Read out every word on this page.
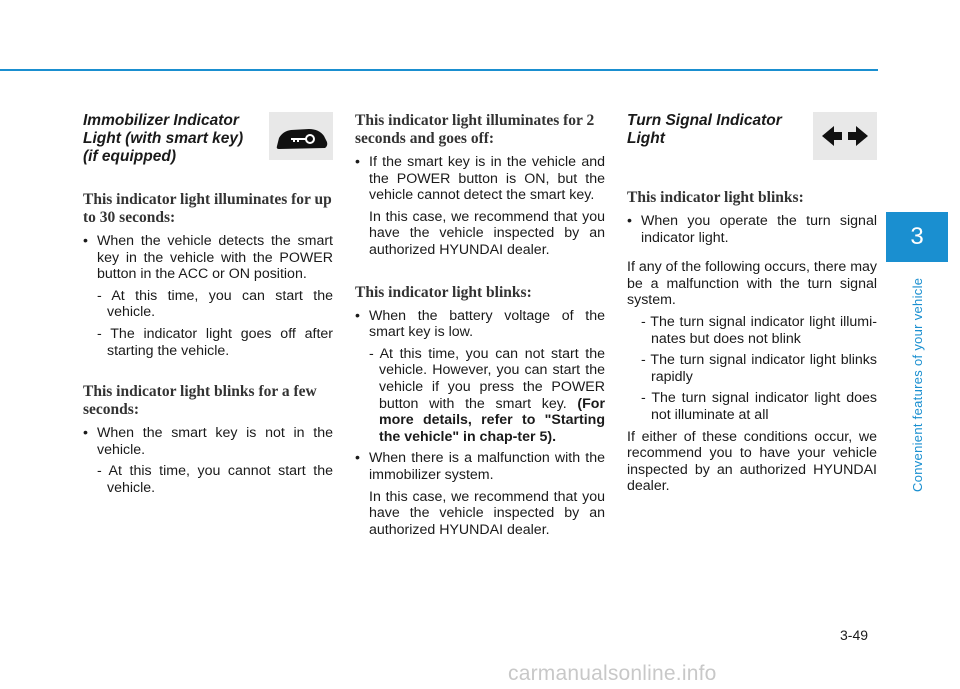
Immobilizer Indicator
Light (with smart key)
(if equipped)
This indicator light illuminates for up to 30 seconds:
• When the vehicle detects the smart key in the vehicle with the POWER button in the ACC or ON position.
- At this time, you can start the vehicle.
- The indicator light goes off after starting the vehicle.
This indicator light blinks for a few seconds:
• When the smart key is not in the vehicle.
- At this time, you cannot start the vehicle.
This indicator light illuminates for 2 seconds and goes off:
• If the smart key is in the vehicle and the POWER button is ON, but the vehicle cannot detect the smart key.
In this case, we recommend that you have the vehicle inspected by an authorized HYUNDAI dealer.
This indicator light blinks:
• When the battery voltage of the smart key is low.
- At this time, you can not start the vehicle. However, you can start the vehicle if you press the POWER button with the smart key. (For more details, refer to "Starting the vehicle" in chap-ter 5).
• When there is a malfunction with the immobilizer system.
In this case, we recommend that you have the vehicle inspected by an authorized HYUNDAI dealer.
Turn Signal Indicator
Light
This indicator light blinks:
• When you operate the turn signal indicator light.
If any of the following occurs, there may be a malfunction with the turn signal system.
- The turn signal indicator light illumi-nates but does not blink
- The turn signal indicator light blinks rapidly
- The turn signal indicator light does not illuminate at all
If either of these conditions occur, we recommend you to have your vehicle inspected by an authorized HYUNDAI dealer.
3
Convenient features of your vehicle
3-49
carmanualsonline.info
